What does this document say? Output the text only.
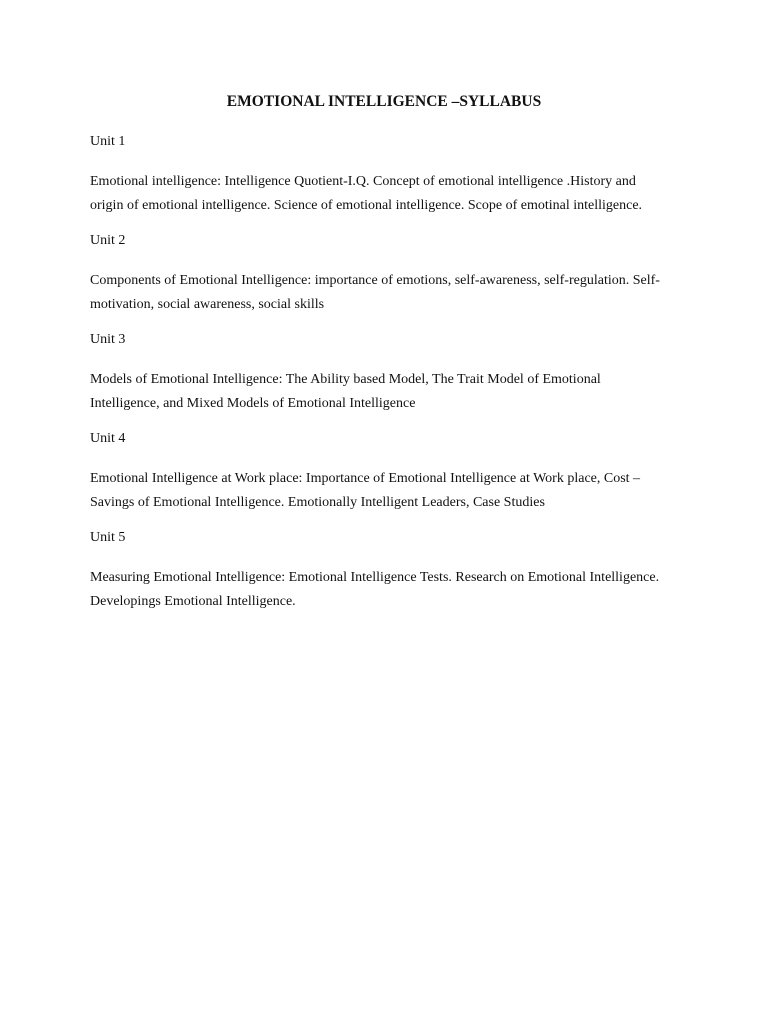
EMOTIONAL INTELLIGENCE –SYLLABUS

Unit 1

Emotional intelligence: Intelligence Quotient-I.Q. Concept of emotional intelligence .History and
origin of emotional intelligence. Science of emotional intelligence. Scope of emotinal intelligence.

Unit 2

Components of Emotional Intelligence: importance of emotions, self-awareness, self-regulation. Self-
motivation, social awareness, social skills

Unit 3

Models of Emotional Intelligence: The Ability based Model, The Trait Model of Emotional
Intelligence, and Mixed Models of Emotional Intelligence

Unit 4

Emotional Intelligence at Work place: Importance of Emotional Intelligence at Work place, Cost –
Savings of Emotional Intelligence. Emotionally Intelligent Leaders, Case Studies

Unit 5

Measuring Emotional Intelligence: Emotional Intelligence Tests. Research on Emotional Intelligence.
Developings Emotional Intelligence.
